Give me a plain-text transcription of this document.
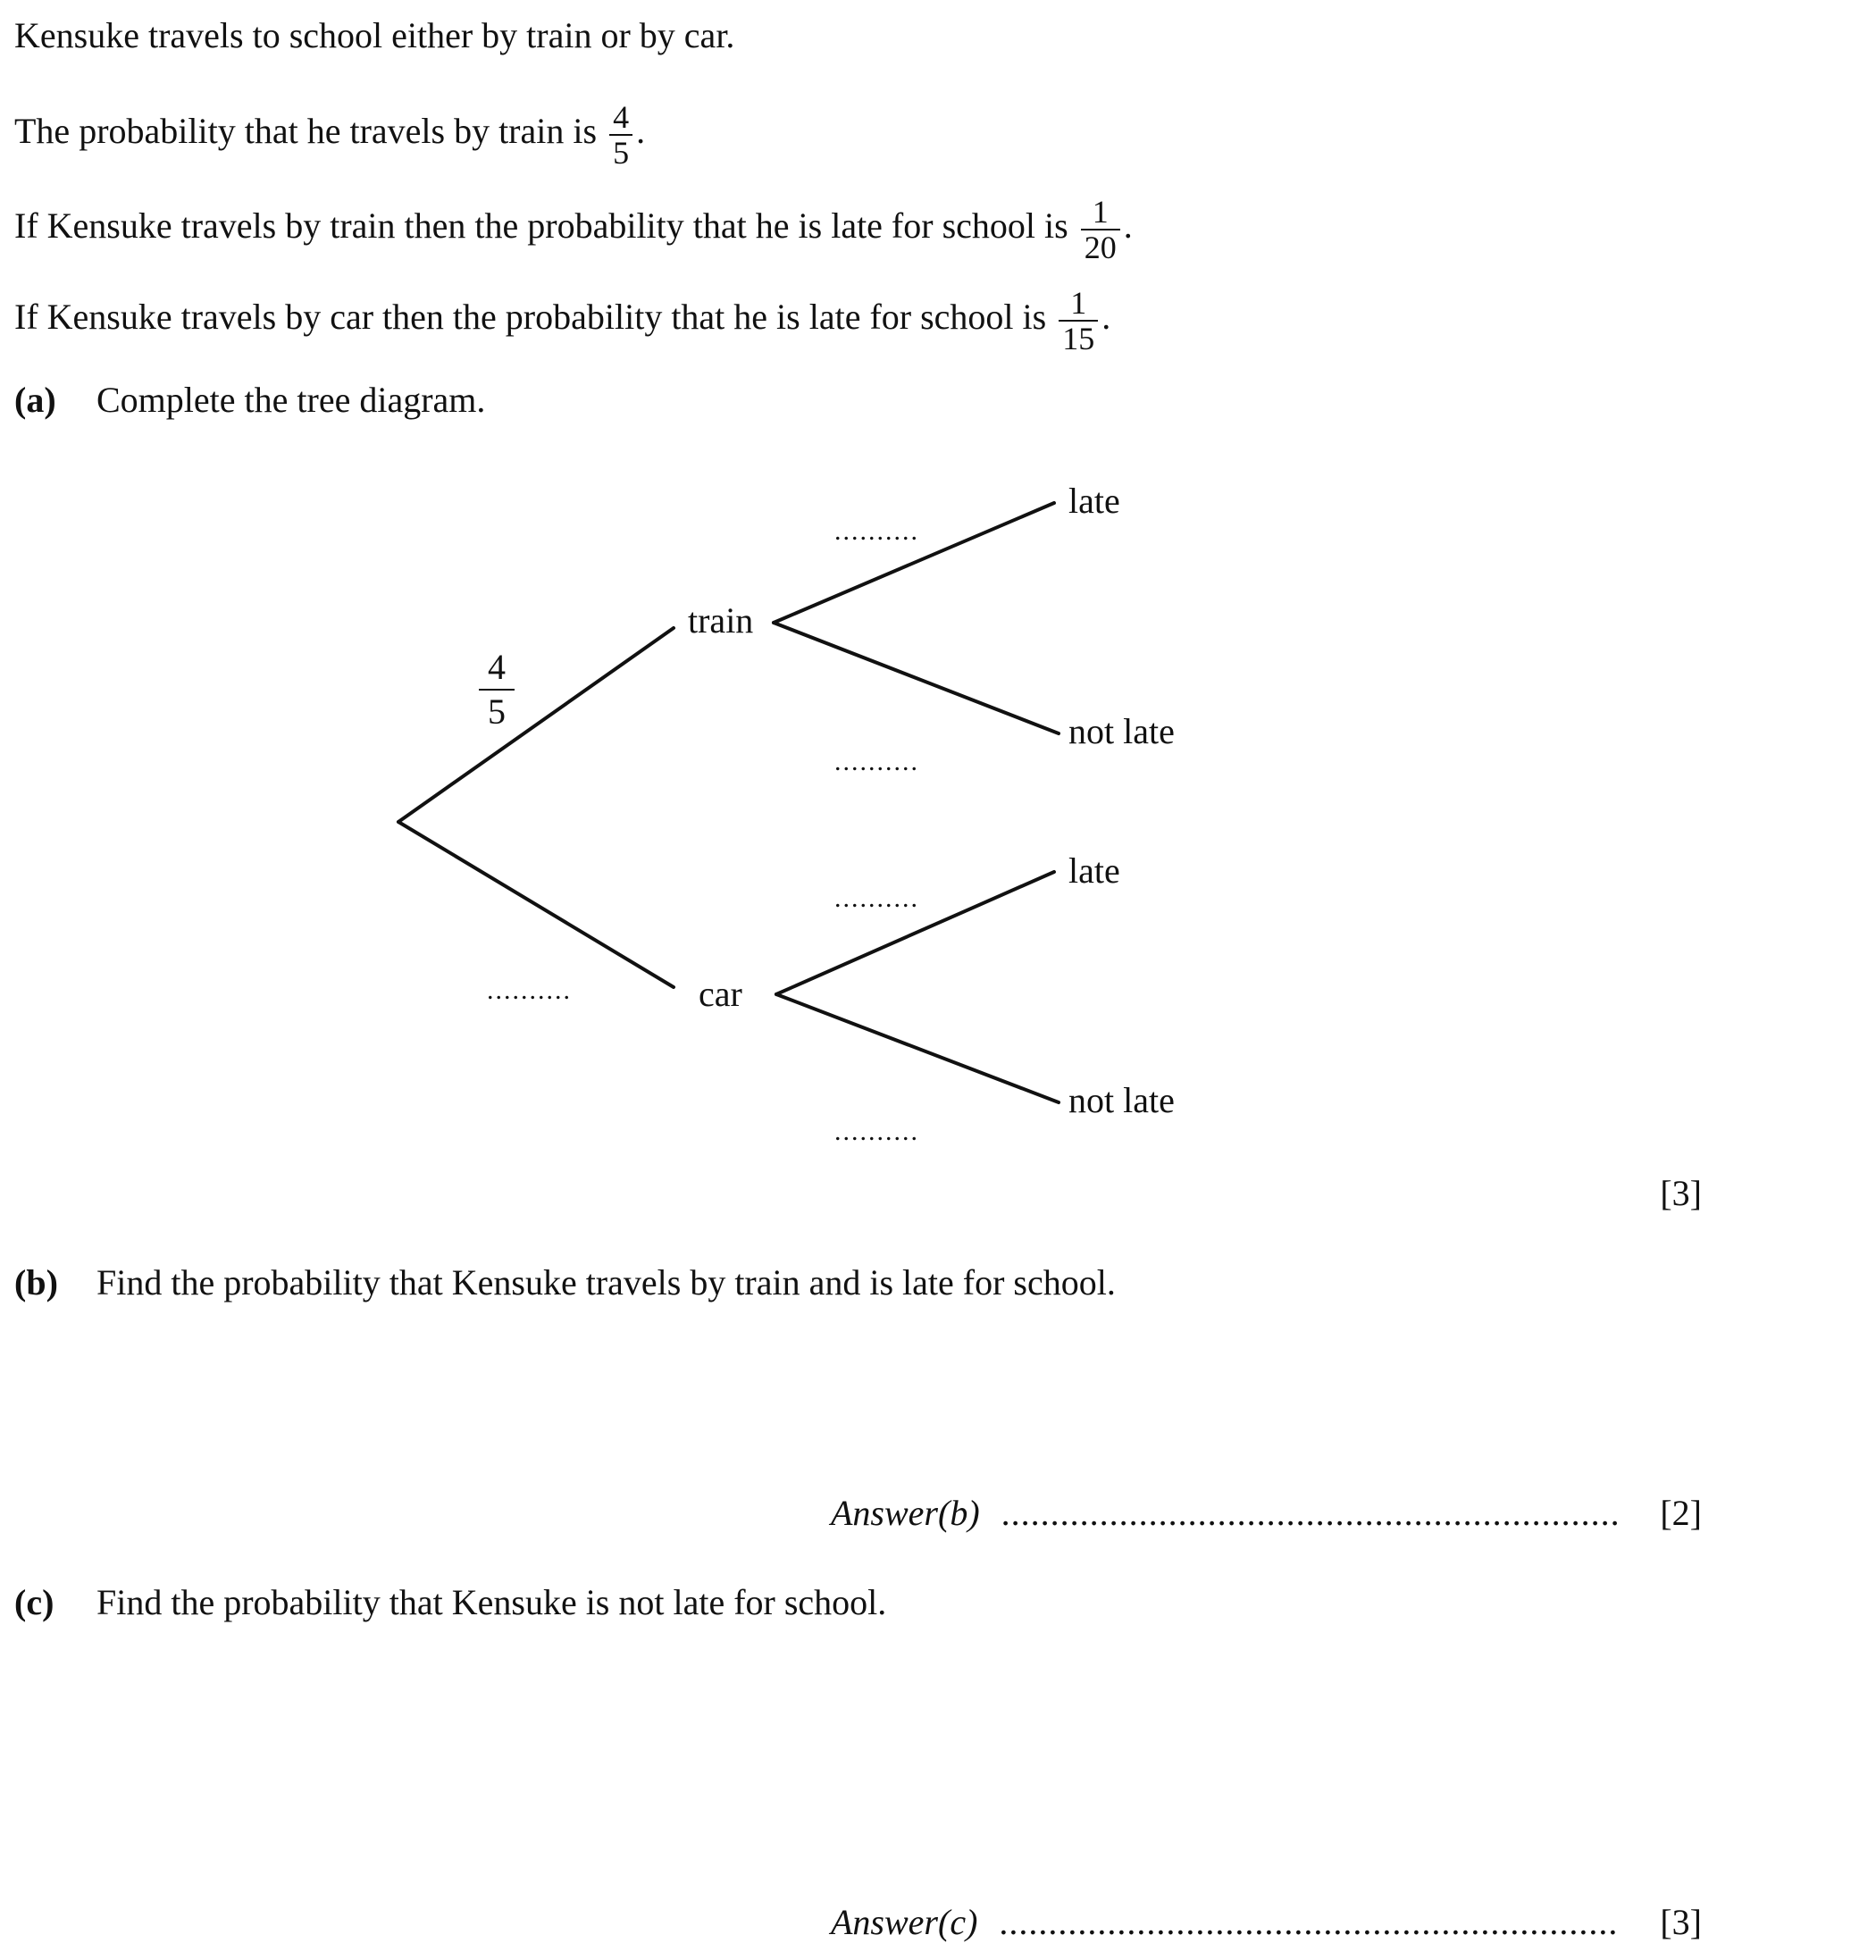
Kensuke travels to school either by train or by car.
The probability that he travels by train is $\frac{4}{5}$ .
If Kensuke travels by train then the probability that he is late for school is $\frac{1}{20}$ .
If Kensuke travels by car then the probability that he is late for school is $\frac{1}{15}$ .
(a) Complete the tree diagram.
4
5
train
car
late
not late
late
not late
..........
..........
..........
..........
..........
[3]
(b) Find the probability that Kensuke travels by train and is late for school.
Answer(b) ............................................................... [2]
(c) Find the probability that Kensuke is not late for school.
Answer(c) ............................................................... [3]
